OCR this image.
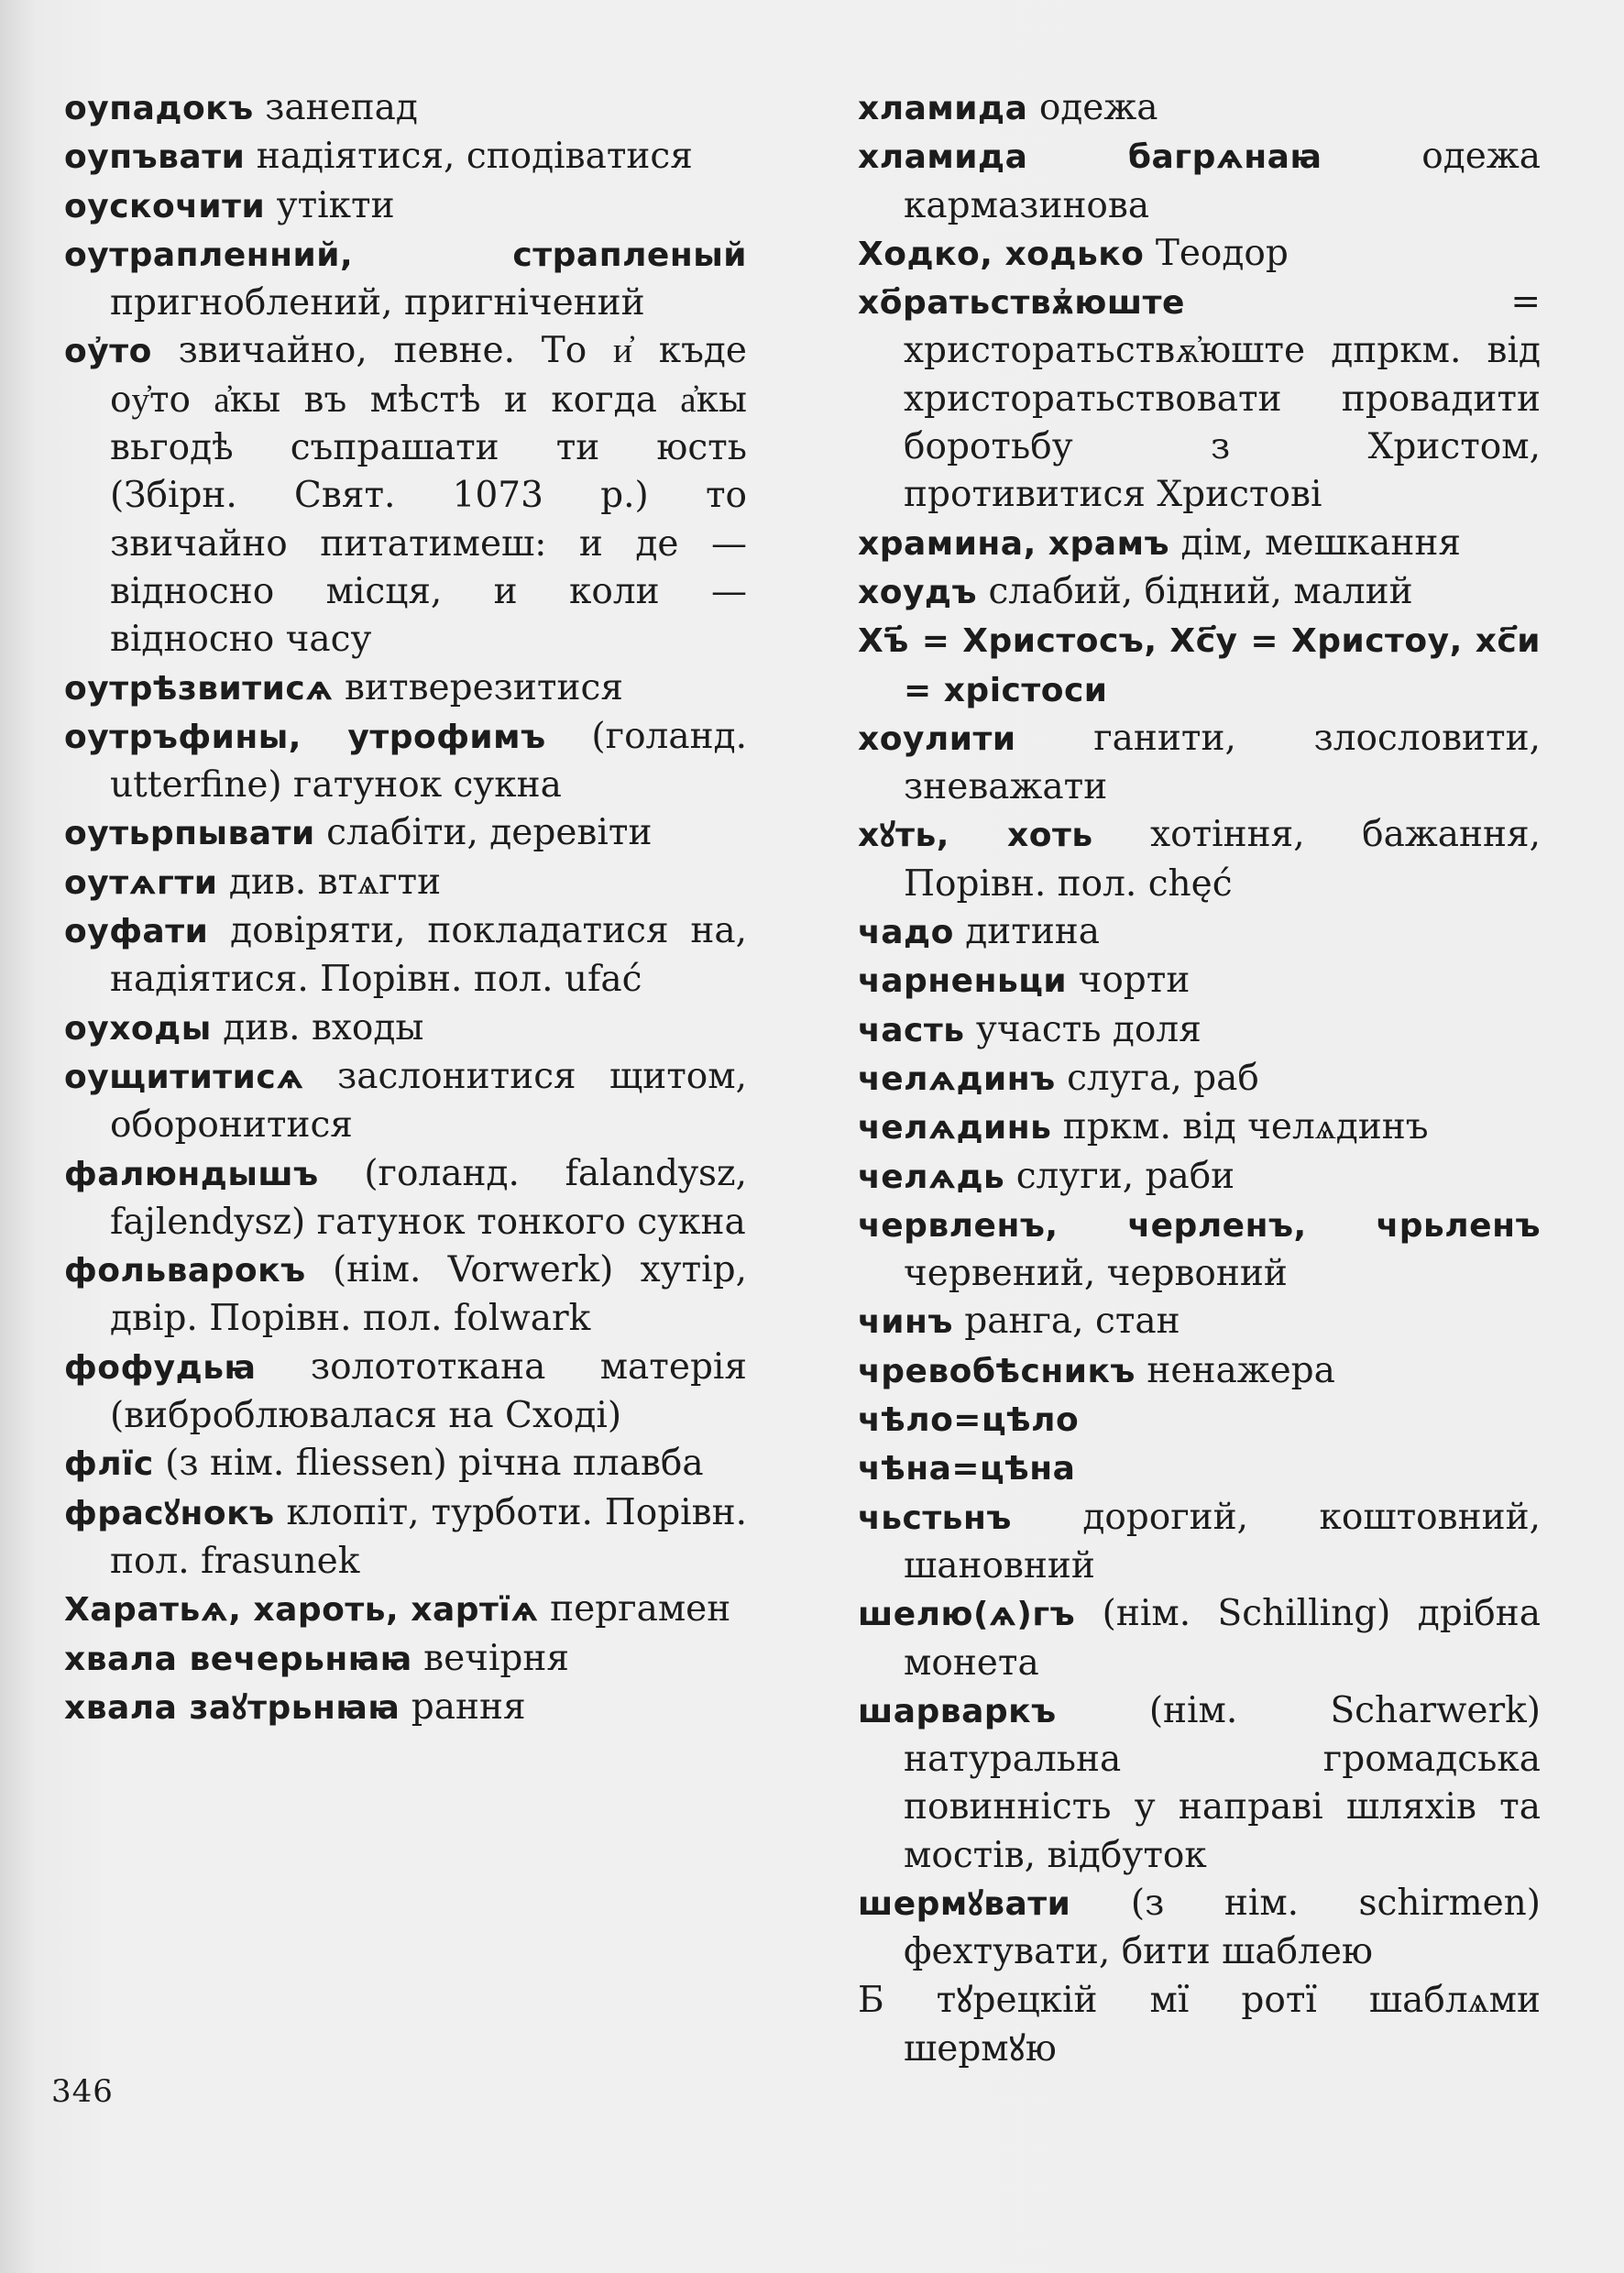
оупадокъ занепад
оупъвати надіятися, сподіватися
оускочити утікти
оутрапленний, страпленый пригноблений, пригнічений
оу҆то звичайно, певне. То и҆ къде оу҆то а҆кы въ мѣстѣ и когда а҆кы вьгодѣ съпрашати ти юсть (Збірн. Свят. 1073 р.) то звичайно питатимеш: и де — відносно місця, и коли — відносно часу
оутрѣзвитисѧ витверезитися
оутръфины, утрофимъ (голанд. utterfine) гатунок сукна
оутьрпывати слабіти, деревіти
оутѧгти див. втѧгти
оуфати довіряти, покладатися на, надіятися. Порівн. пол. ufać
оуходы див. входы
оущититисѧ заслонитися щитом, оборонитися
фалюндышъ (голанд. falandysz, fajlendysz) гатунок тонкого сукна
фольварокъ (нім. Vorwerk) хутір, двір. Порівн. пол. folwark
фофудьꙗ золототкана матерія (виброблювалася на Сході)
флїс (з нім. fliessen) річна плавба
фрасꙋнокъ клопіт, турботи. Порівн. пол. frasunek
Харатьѧ, хароть, хартїѧ пергамен
хвала вечерьнꙗꙗ вечірня
хвала заꙋтрьнꙗꙗ рання
хламида одежа
хламида багрѧнаꙗ	одежа кармазинова
Ходко, ходько Теодор
хо҃ратьствѫ҆юште	= христоратьствѫ҆юште дпркм. від христоратьствовати провадити боротьбу з Христом, противитися Христові
храмина, храмъ дім, мешкання
хоудъ слабий, бідний, малий
Хъ҃ = Христосъ, Хс҃у = Христоу, хс҃и = хрістоси
хоулити ганити, злословити, зневажати
хꙋть, хоть хотіння, бажання, Порівн. пол. chęć
чадо дитина
чарненьци чорти
часть участь доля
челѧдинъ слуга, раб
челѧдинь пркм. від челѧдинъ
челѧдь слуги, раби
червленъ, черленъ, чрьленъ червений, червоний
чинъ ранга, стан
чревобѣсникъ ненажера
чѣло=цѣло
чѣна=цѣна
чьстьнъ дорогий, коштовний, шановний
шелю(ѧ)гъ (нім. Schilling) дрібна монета
шарваркъ	(нім. Scharwerk) натуральна громадська повинність у направі шляхів та мостів, відбуток
шермꙋвати (з нім. schirmen) фехтувати, бити шаблею
Б тꙋрецкій мї ротї шаблѧми шермꙋю
346
